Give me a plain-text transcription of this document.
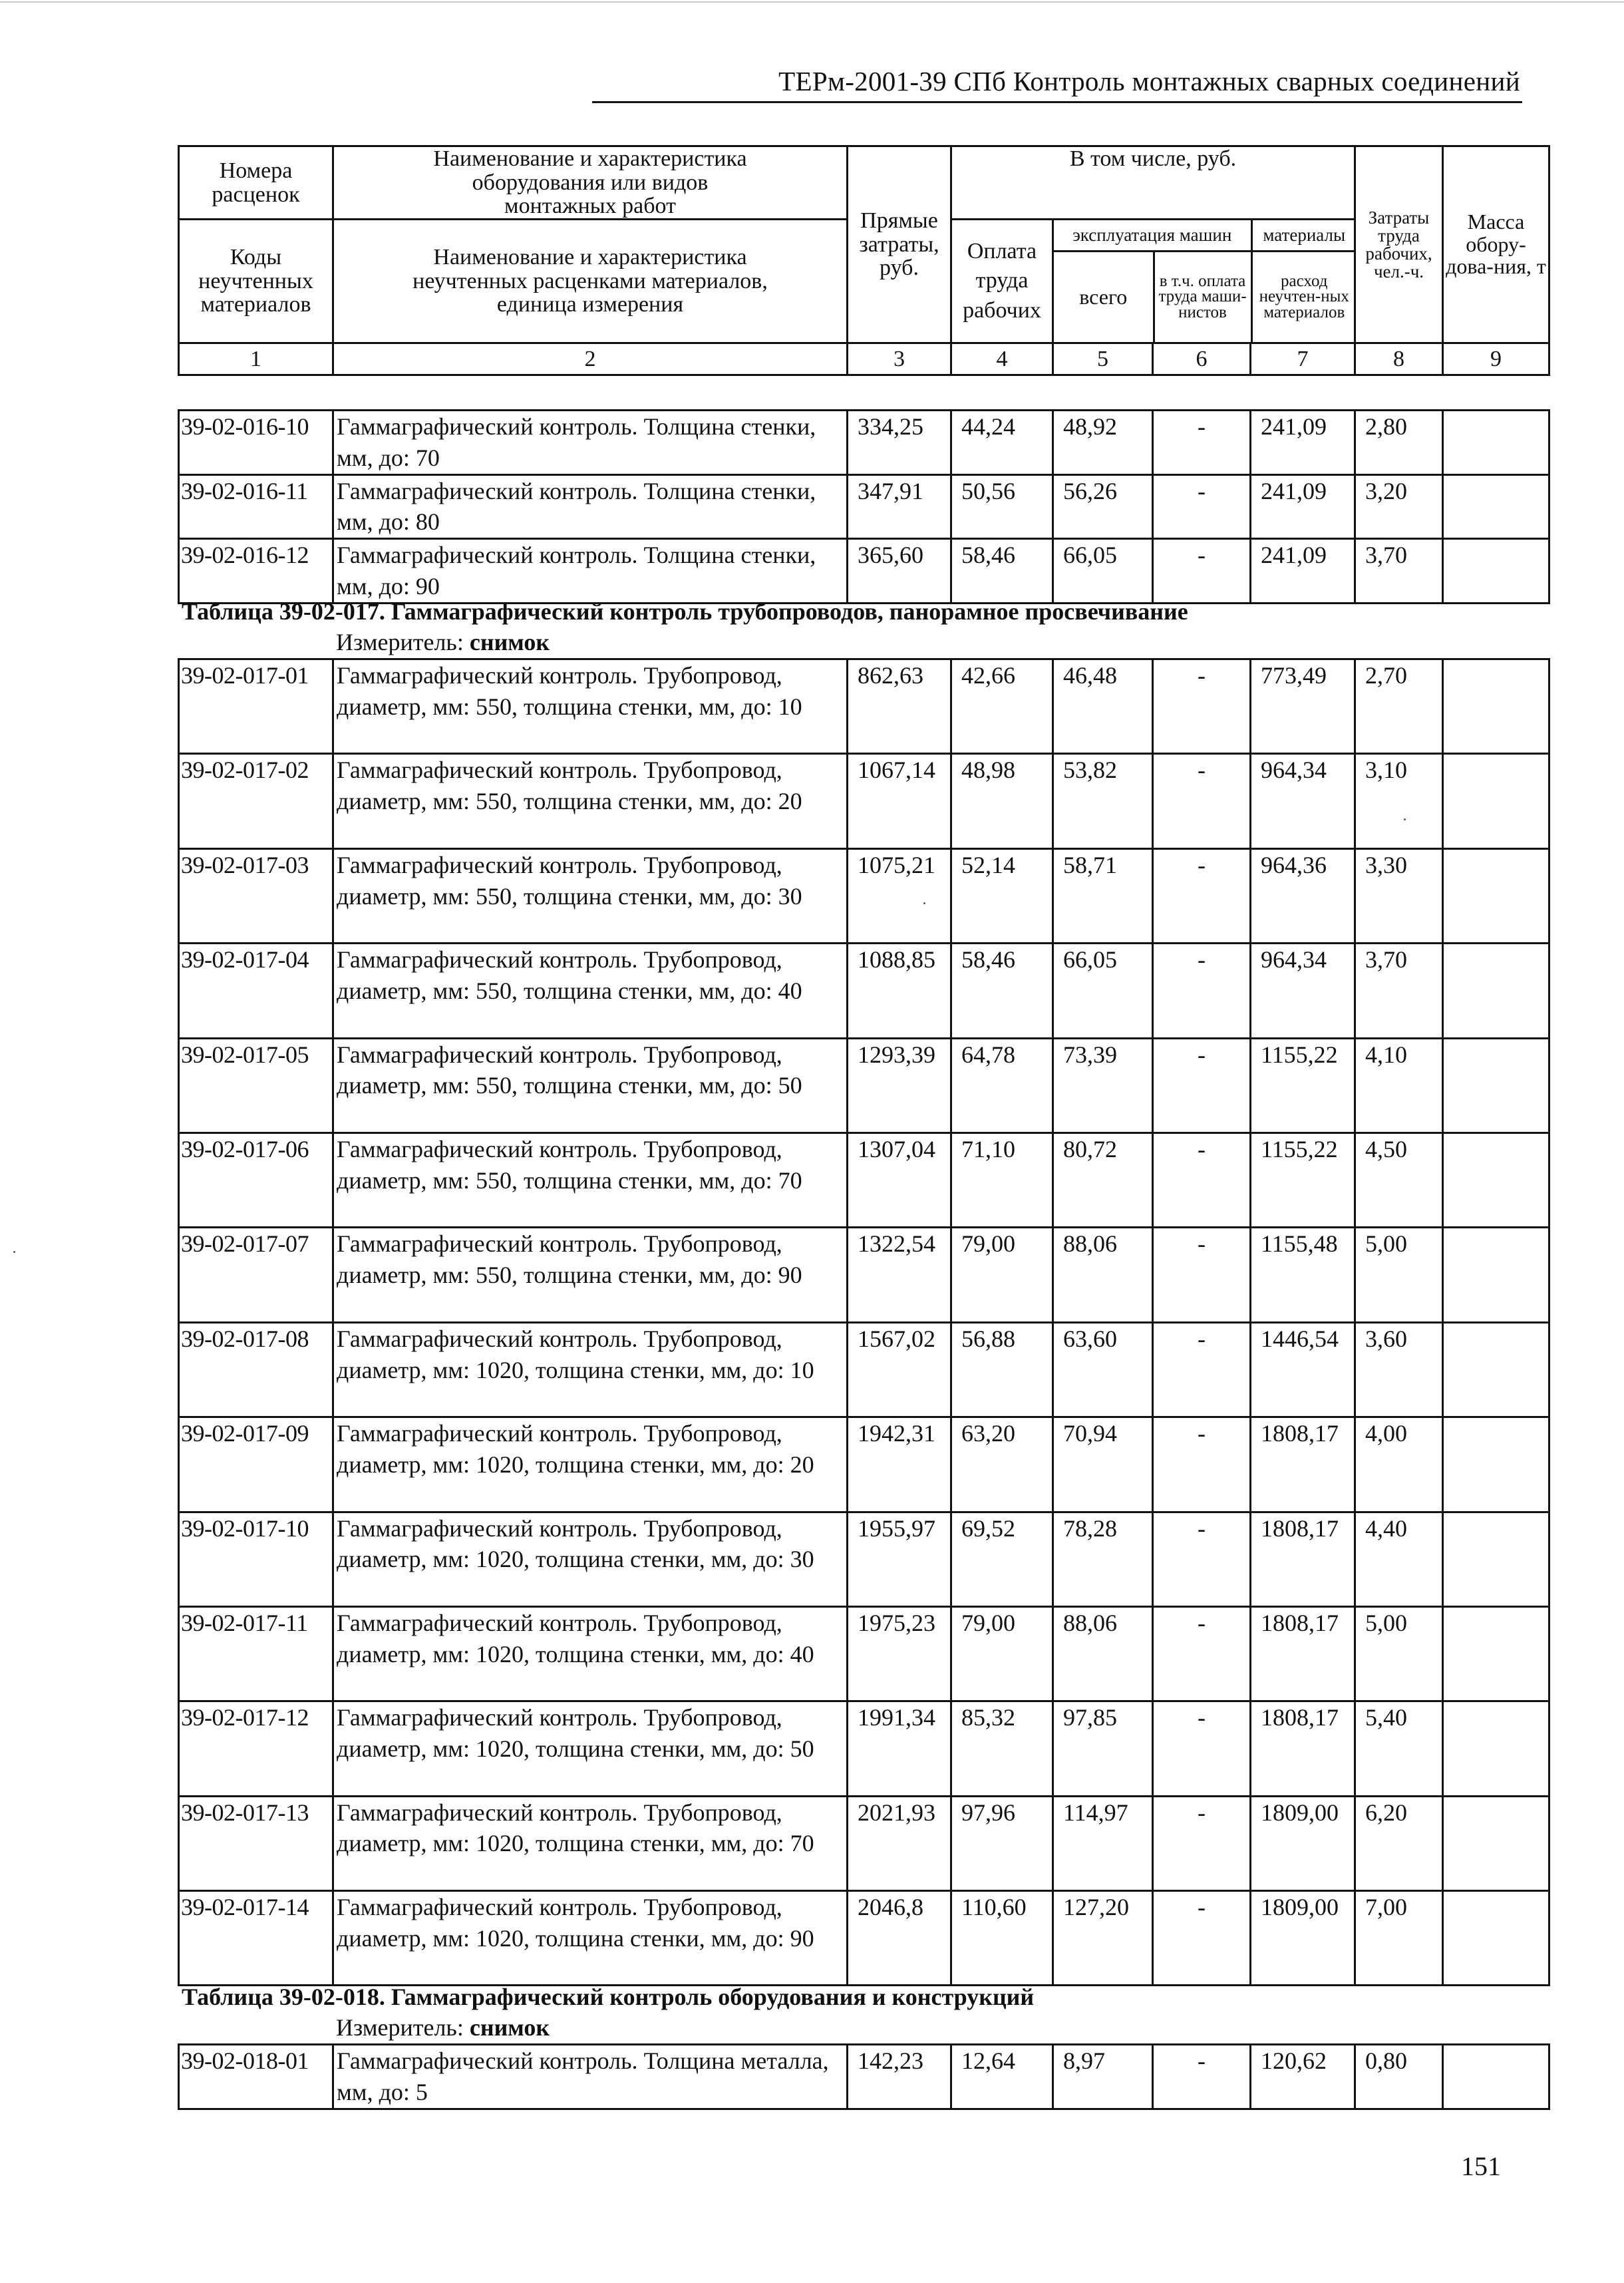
ТЕРм-2001-39 СПб Контроль монтажных сварных соединений
Номера расценок	Наименование и характеристика оборудования или видов монтажных работ	Прямые затраты, руб.	В том числе, руб.	Затраты труда рабочих, чел.-ч.	Масса обору-дова-ния, т
Коды неучтенных материалов	Наименование и характеристика неучтенных расценками материалов, единица измерения	Оплата труда рабочих	
эксплуатация машин	материалы
всего	в т.ч. оплата труда маши-нистов	расход неучтен-ных материалов

1	2	3	4	5	6	7	8	9
39-02-016-10	Гаммаграфический контроль. Толщина стенки, мм, до: 70	334,25	44,24	48,92	-	241,09	2,80	
39-02-016-11	Гаммаграфический контроль. Толщина стенки, мм, до: 80	347,91	50,56	56,26	-	241,09	3,20	
39-02-016-12	Гаммаграфический контроль. Толщина стенки, мм, до: 90	365,60	58,46	66,05	-	241,09	3,70	
Таблица 39-02-017. Гаммаграфический контроль трубопроводов, панорамное просвечивание
Измеритель: снимок
39-02-017-01	Гаммаграфический контроль. Трубопровод, диаметр, мм: 550, толщина стенки, мм, до: 10	862,63	42,66	46,48	-	773,49	2,70	
39-02-017-02	Гаммаграфический контроль. Трубопровод, диаметр, мм: 550, толщина стенки, мм, до: 20	1067,14	48,98	53,82	-	964,34	3,10	
39-02-017-03	Гаммаграфический контроль. Трубопровод, диаметр, мм: 550, толщина стенки, мм, до: 30	1075,21	52,14	58,71	-	964,36	3,30	
39-02-017-04	Гаммаграфический контроль. Трубопровод, диаметр, мм: 550, толщина стенки, мм, до: 40	1088,85	58,46	66,05	-	964,34	3,70	
39-02-017-05	Гаммаграфический контроль. Трубопровод, диаметр, мм: 550, толщина стенки, мм, до: 50	1293,39	64,78	73,39	-	1155,22	4,10	
39-02-017-06	Гаммаграфический контроль. Трубопровод, диаметр, мм: 550, толщина стенки, мм, до: 70	1307,04	71,10	80,72	-	1155,22	4,50	
39-02-017-07	Гаммаграфический контроль. Трубопровод, диаметр, мм: 550, толщина стенки, мм, до: 90	1322,54	79,00	88,06	-	1155,48	5,00	
39-02-017-08	Гаммаграфический контроль. Трубопровод, диаметр, мм: 1020, толщина стенки, мм, до: 10	1567,02	56,88	63,60	-	1446,54	3,60	
39-02-017-09	Гаммаграфический контроль. Трубопровод, диаметр, мм: 1020, толщина стенки, мм, до: 20	1942,31	63,20	70,94	-	1808,17	4,00	
39-02-017-10	Гаммаграфический контроль. Трубопровод, диаметр, мм: 1020, толщина стенки, мм, до: 30	1955,97	69,52	78,28	-	1808,17	4,40	
39-02-017-11	Гаммаграфический контроль. Трубопровод, диаметр, мм: 1020, толщина стенки, мм, до: 40	1975,23	79,00	88,06	-	1808,17	5,00	
39-02-017-12	Гаммаграфический контроль. Трубопровод, диаметр, мм: 1020, толщина стенки, мм, до: 50	1991,34	85,32	97,85	-	1808,17	5,40	
39-02-017-13	Гаммаграфический контроль. Трубопровод, диаметр, мм: 1020, толщина стенки, мм, до: 70	2021,93	97,96	114,97	-	1809,00	6,20	
39-02-017-14	Гаммаграфический контроль. Трубопровод, диаметр, мм: 1020, толщина стенки, мм, до: 90	2046,8	110,60	127,20	-	1809,00	7,00	
Таблица 39-02-018. Гаммаграфический контроль оборудования и конструкций
Измеритель: снимок
39-02-018-01	Гаммаграфический контроль. Толщина металла, мм, до: 5	142,23	12,64	8,97	-	120,62	0,80	
151
